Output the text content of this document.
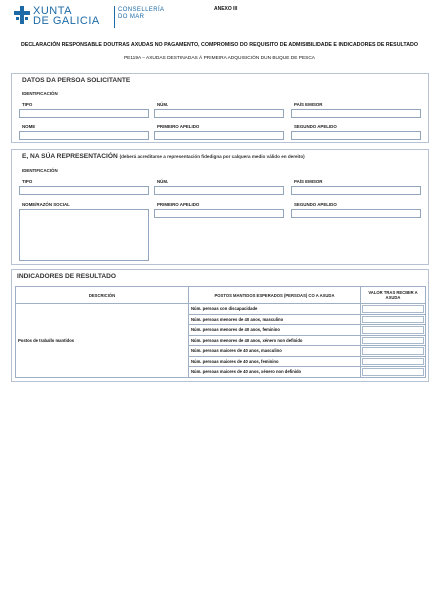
XUNTA
DE GALICIA
CONSELLERÍA
DO MAR
ANEXO III
DECLARACIÓN RESPONSABLE DOUTRAS AXUDAS NO PAGAMENTO, COMPROMISO DO REQUISITO DE ADMISIBILIDADE E INDICADORES DE RESULTADO
PE119A – AXUDAS DESTINADAS Á PRIMEIRA ADQUISICIÓN DUN BUQUE DE PESCA
DATOS DA PERSOA SOLICITANTE
IDENTIFICACIÓN
TIPO	NÚM.	PAÍS EMISOR
NOME	PRIMEIRO APELIDO	SEGUNDO APELIDO
E, NA SÚA REPRESENTACIÓN (deberá acreditarse a representación fidedigna por calquera medio válido en dereito)
IDENTIFICACIÓN
TIPO	NÚM.	PAÍS EMISOR
NOME/RAZÓN SOCIAL	PRIMEIRO APELIDO	SEGUNDO APELIDO
INDICADORES DE RESULTADO
DESCRICIÓN	POSTOS MANTIDOS ESPERADOS (PERSOAS) CO A AXUDA	VALOR TRAS RECIBIR A AXUDA
Postos de traballo mantidos	Núm. persoas con discapacidade	

	Núm. persoas menores de 40 anos, masculino	

	Núm. persoas menores de 40 anos, feminino	

	Núm. persoas menores de 40 anos, xénero non definido	

	Núm. persoas maiores de 40 anos, masculino	

	Núm. persoas maiores de 40 anos, feminino	

	Núm. persoas maiores de 40 anos, xénero non definido	
